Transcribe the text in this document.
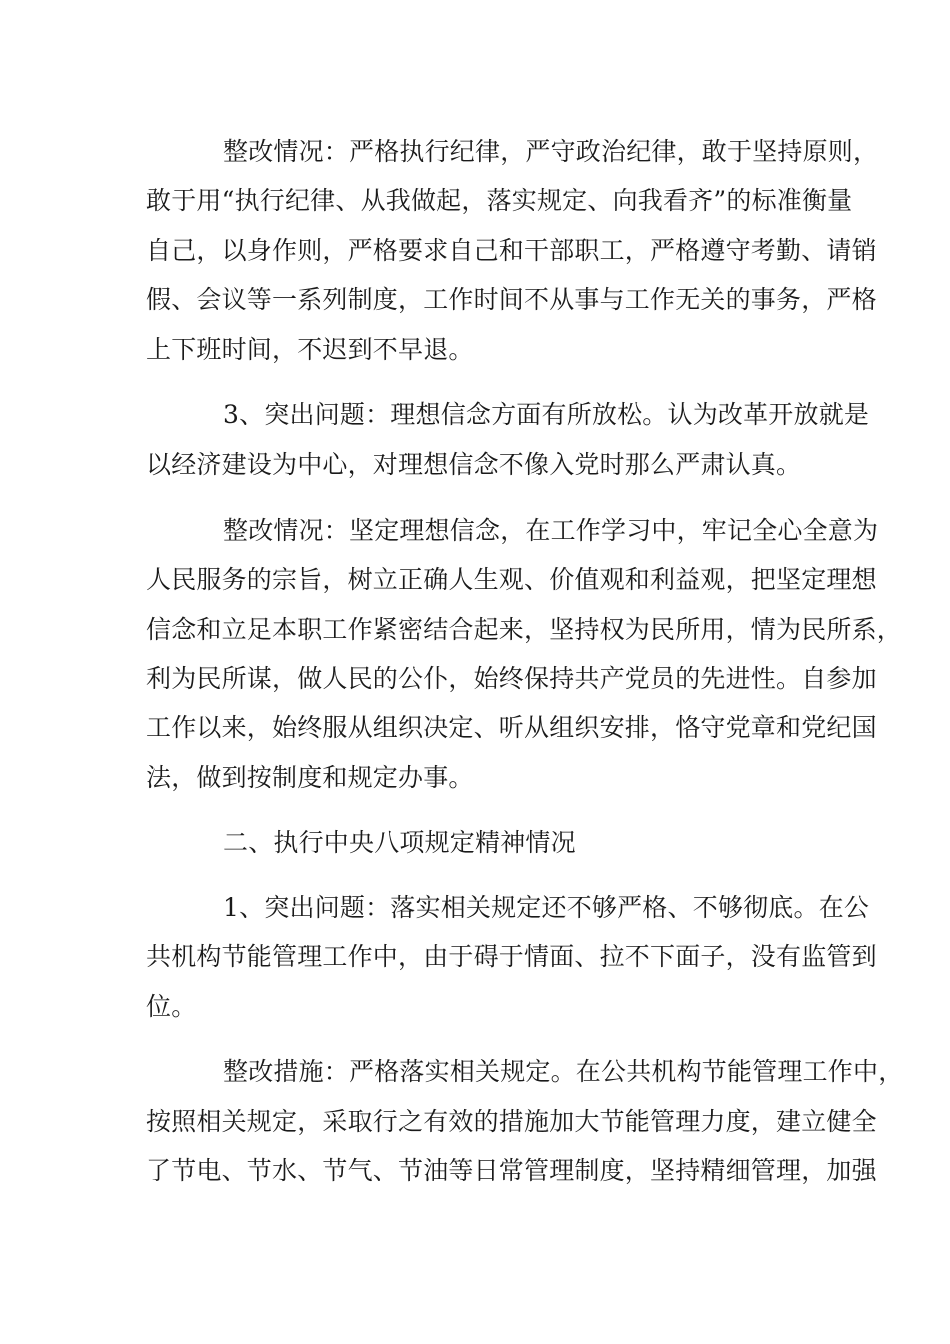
整改情况：严格执行纪律，严守政治纪律，敢于坚持原则，
敢于用“执行纪律、从我做起，落实规定、向我看齐”的标准衡量
自己，以身作则，严格要求自己和干部职工，严格遵守考勤、请销
假、会议等一系列制度，工作时间不从事与工作无关的事务，严格
上下班时间，不迟到不早退。
3、突出问题：理想信念方面有所放松。认为改革开放就是
以经济建设为中心，对理想信念不像入党时那么严肃认真。
整改情况：坚定理想信念，在工作学习中，牢记全心全意为
人民服务的宗旨，树立正确人生观、价值观和利益观，把坚定理想
信念和立足本职工作紧密结合起来，坚持权为民所用，情为民所系，
利为民所谋，做人民的公仆，始终保持共产党员的先进性。自参加
工作以来，始终服从组织决定、听从组织安排，恪守党章和党纪国
法，做到按制度和规定办事。
二、执行中央八项规定精神情况
1、突出问题：落实相关规定还不够严格、不够彻底。在公
共机构节能管理工作中，由于碍于情面、拉不下面子，没有监管到
位。
整改措施：严格落实相关规定。在公共机构节能管理工作中，
按照相关规定，采取行之有效的措施加大节能管理力度，建立健全
了节电、节水、节气、节油等日常管理制度，坚持精细管理，加强
